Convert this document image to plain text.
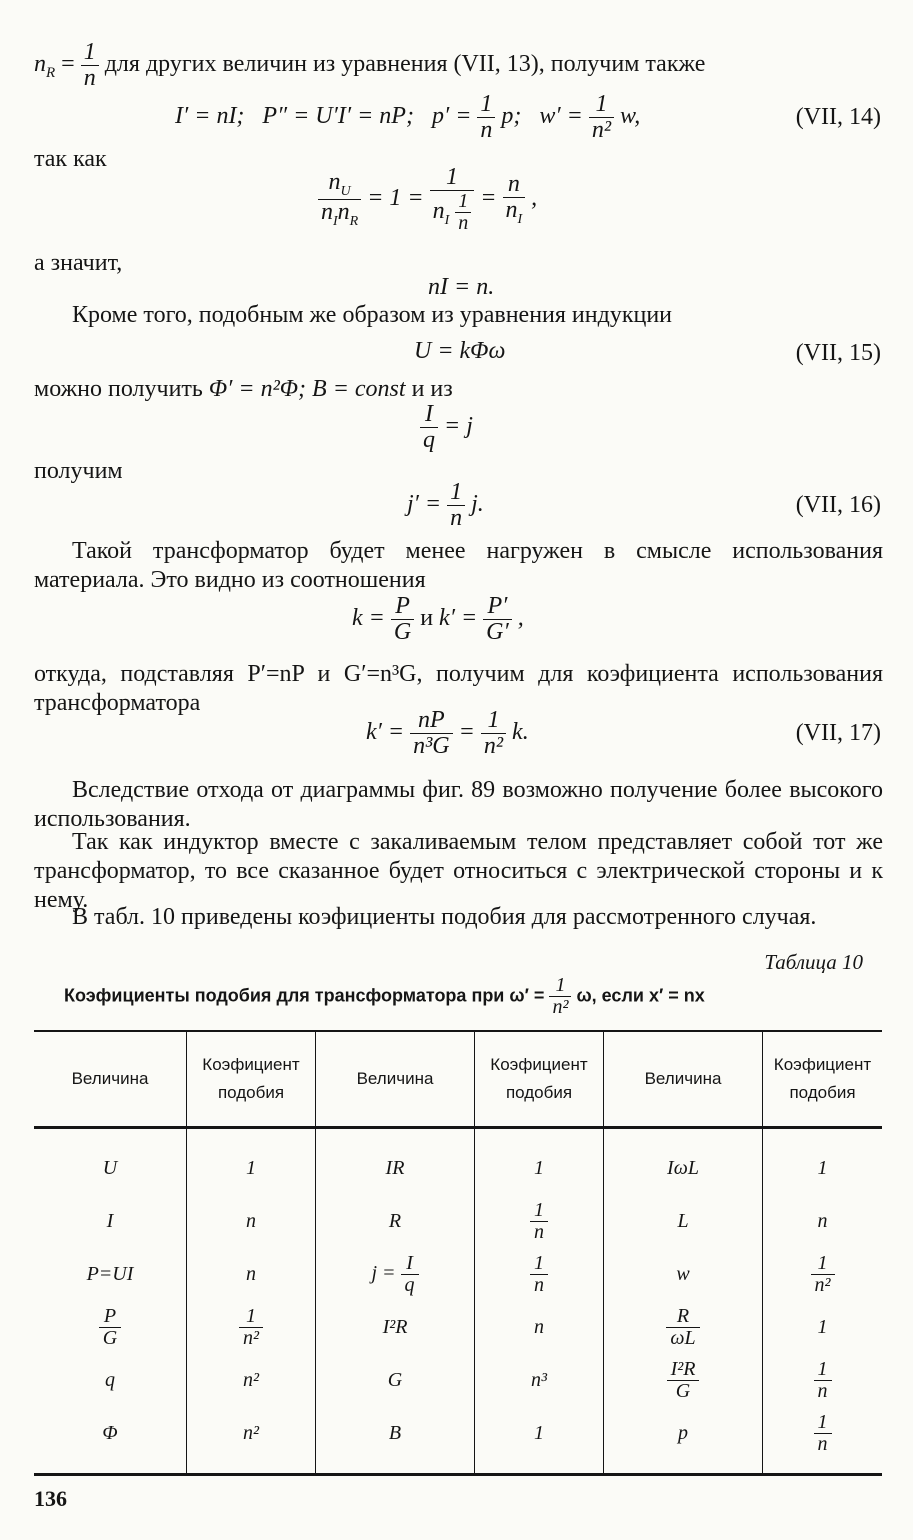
$n_R = \frac{1}{n}$ для других величин из уравнения (VII, 13), получим также
I′ = nI;   P″ = U′I′ = nP;   $p' = \frac{1}{n} p$;   $w' = \frac{1}{\text{n²}} w$,	(VII, 14)
так как
$\frac{n_U}{n_In_R} = 1 = \frac{1}{n_I \frac{1}{n}} = \frac{n}{n_I}$ ,
а значит,
nI = n.
Кроме того, подобным же образом из уравнения индукции
U = kΦω	(VII, 15)
можно получить Φ′ = n²Φ; B = const и из
$\frac{I}{q} = j$
получим
$j' = \frac{1}{n} j$.	(VII, 16)
Такой трансформатор будет менее нагружен в смысле использования материала. Это видно из соотношения
$k = \frac{P}{G}$ и $k' = \frac{P'}{G'}$ ,
откуда, подставляя P′=nP и G′=n³G, получим для коэфициента использования трансформатора
$k' = \frac{nP}{\text{n³G}} = \frac{1}{\text{n²}} k$.	(VII, 17)
Вследствие отхода от диаграммы фиг. 89 возможно получение более высокого использования.
Так как индуктор вместе с закаливаемым телом представляет собой тот же трансформатор, то все сказанное будет относиться с электрической стороны и к нему.
В табл. 10 приведены коэфициенты подобия для рассмотренного случая.
Таблица 10
Коэфициенты подобия для трансформатора при $\omega' = \frac{1}{\text{n²}} \omega$, если x′ = nx
Величина	Коэфициент подобия	Величина	Коэфициент подобия	Величина	Коэфициент подобия
U	1	IR	1	IωL	1
I	n	R	$\frac{1}{n}$	L	n
P=UI	n	$j = \frac{I}{q}$	$\frac{1}{n}$	w	$\frac{1}{\text{n²}}$

$\frac{P}{G}$	$\frac{1}{\text{n²}}$	I²R	n	$\frac{R}{\omega L}$	1
q	n²	G	n³	$\frac{\text{I²R}}{G}$	$\frac{1}{n}$

Φ	n²	B	1	p	$\frac{1}{n}$
136
